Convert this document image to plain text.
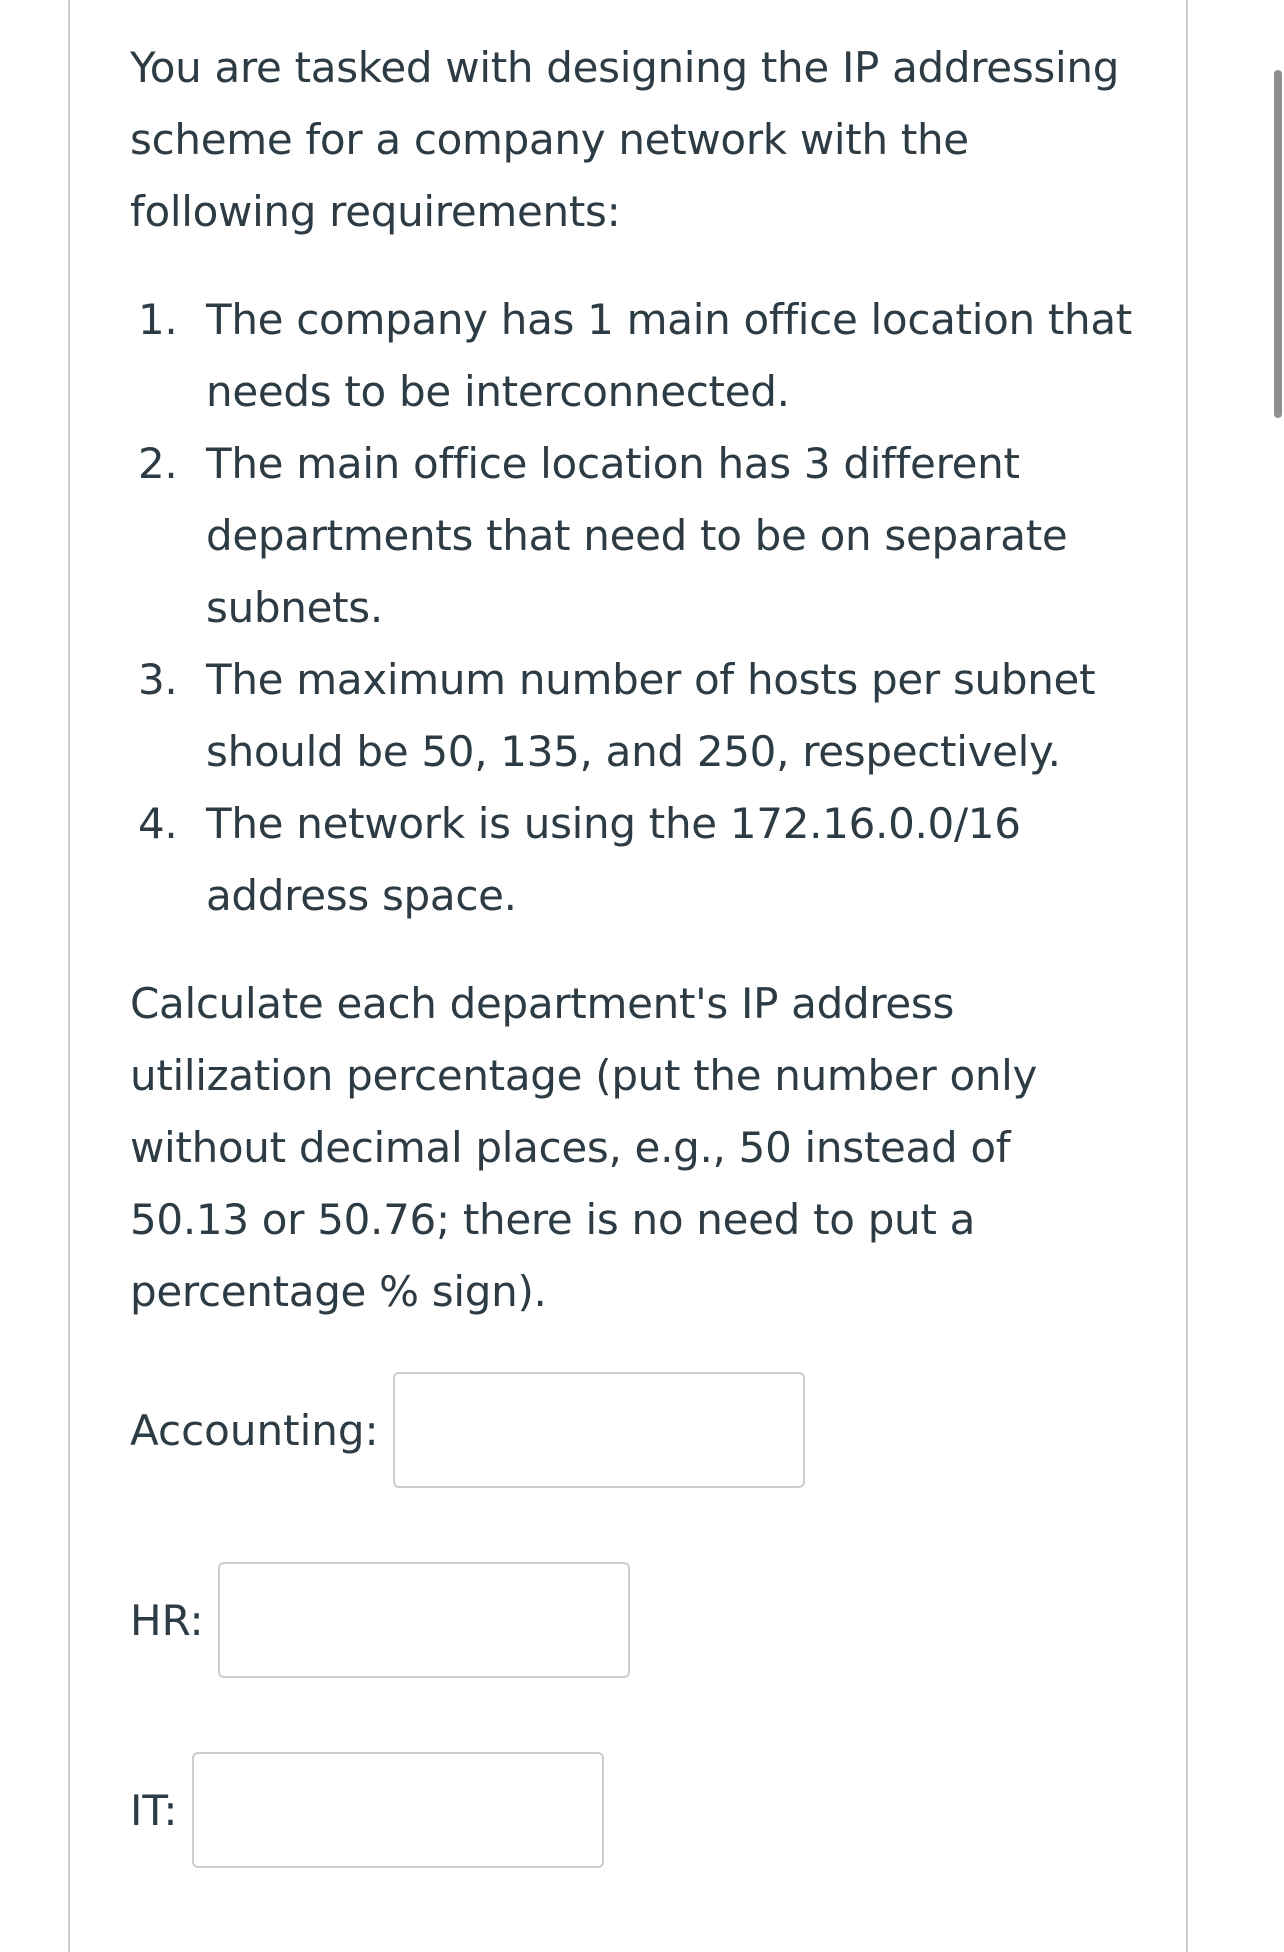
You are tasked with designing the IP addressing scheme for a company network with the following requirements:

1. The company has 1 main office location that needs to be interconnected.
2. The main office location has 3 different departments that need to be on separate subnets.
3. The maximum number of hosts per subnet should be 50, 135, and 250, respectively.
4. The network is using the 172.16.0.0/16 address space.

Calculate each department's IP address utilization percentage (put the number only without decimal places, e.g., 50 instead of 50.13 or 50.76; there is no need to put a percentage % sign).

Accounting:
HR:
IT:
